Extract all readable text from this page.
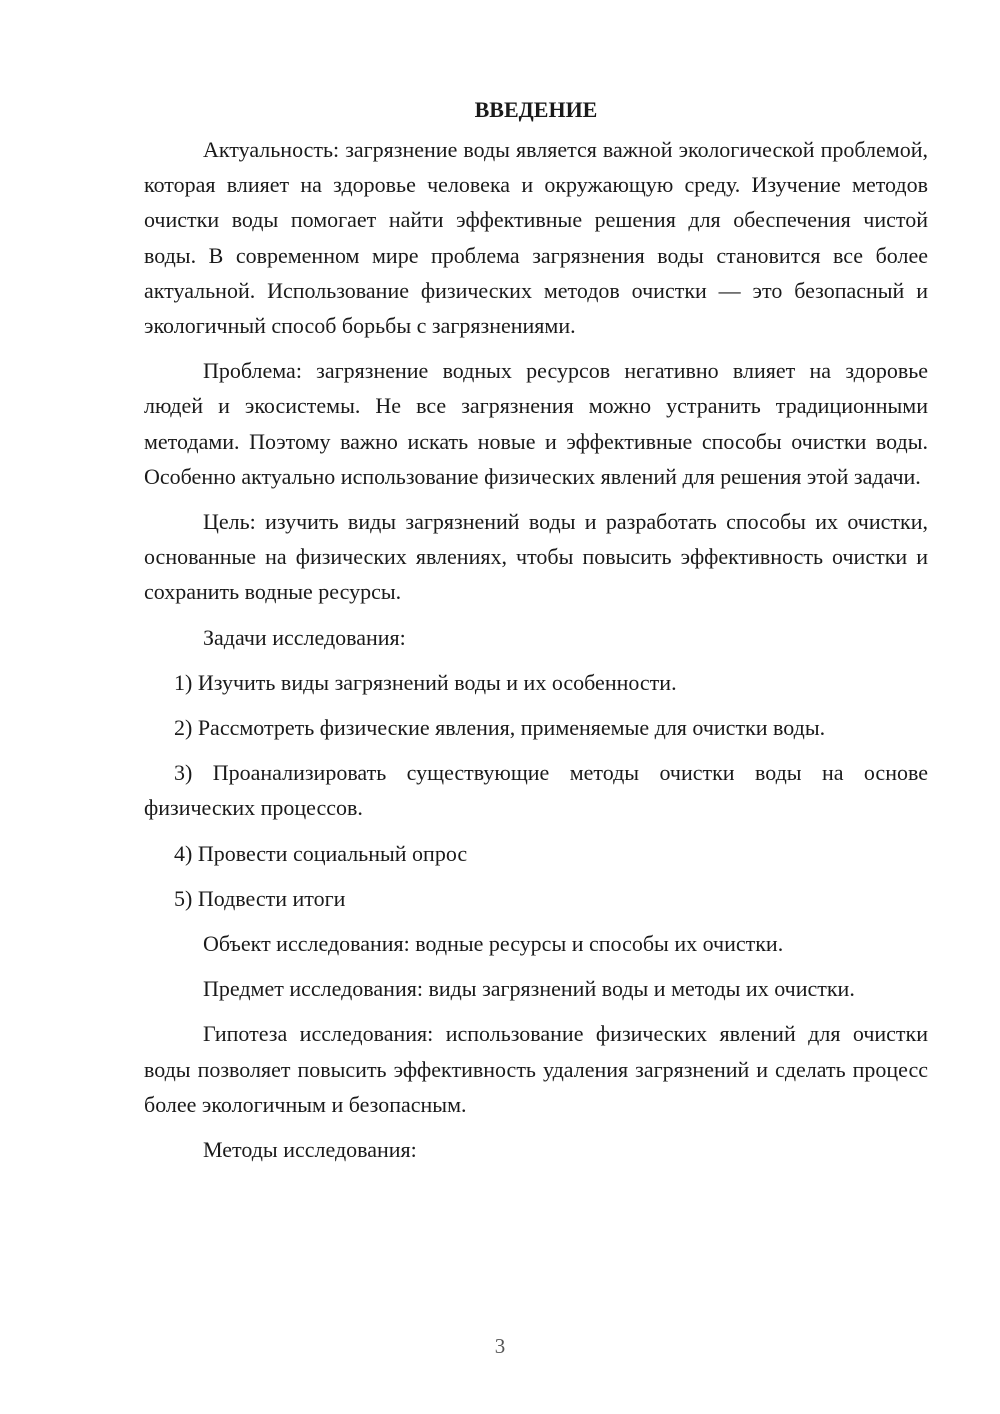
ВВЕДЕНИЕ

Актуальность: загрязнение воды является важной экологической проблемой, которая влияет на здоровье человека и окружающую среду. Изучение методов очистки воды помогает найти эффективные решения для обеспечения чистой воды. В современном мире проблема загрязнения воды становится все более актуальной. Использование физических методов очистки — это безопасный и экологичный способ борьбы с загрязнениями.

Проблема: загрязнение водных ресурсов негативно влияет на здоровье людей и экосистемы. Не все загрязнения можно устранить традиционными методами. Поэтому важно искать новые и эффективные способы очистки воды. Особенно актуально использование физических явлений для решения этой задачи.

Цель: изучить виды загрязнений воды и разработать способы их очистки, основанные на физических явлениях, чтобы повысить эффективность очистки и сохранить водные ресурсы.

Задачи исследования:

1) Изучить виды загрязнений воды и их особенности.

2) Рассмотреть физические явления, применяемые для очистки воды.

3) Проанализировать существующие методы очистки воды на основе физических процессов.

4) Провести социальный опрос

5) Подвести итоги

Объект исследования: водные ресурсы и способы их очистки.

Предмет исследования: виды загрязнений воды и методы их очистки.

Гипотеза исследования: использование физических явлений для очистки воды позволяет повысить эффективность удаления загрязнений и сделать процесс более экологичным и безопасным.

Методы исследования:

3
